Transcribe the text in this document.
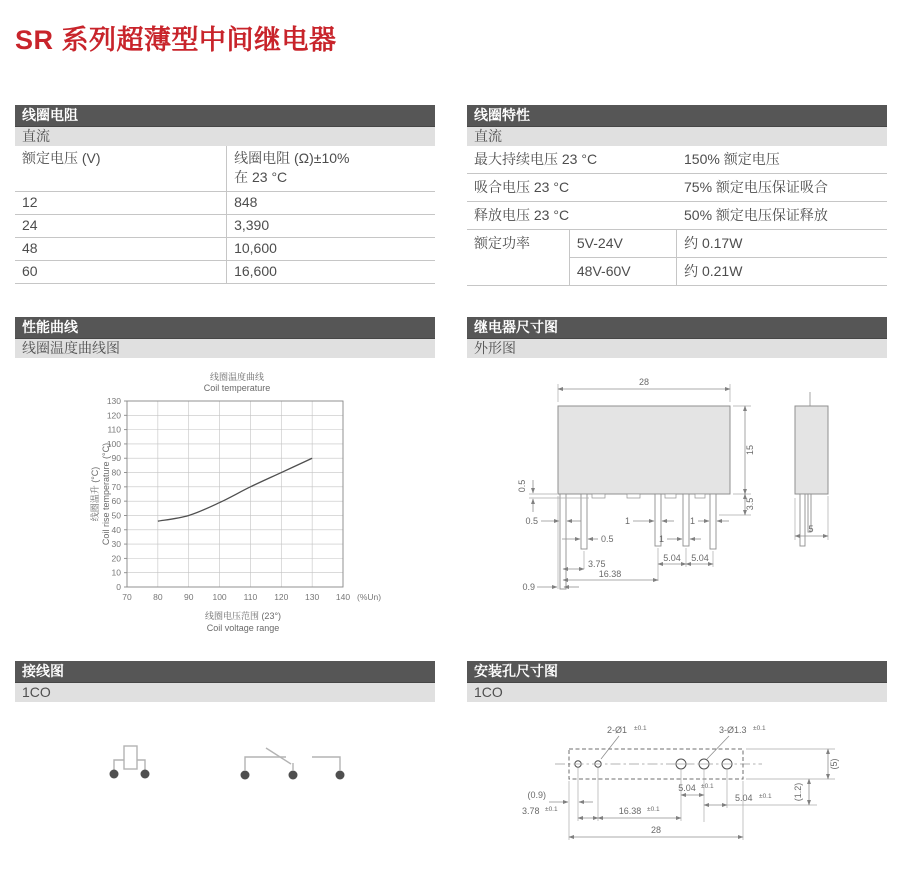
SR 系列超薄型中间继电器
线圈电阻
直流
额定电压 (V)	线圈电阻 (Ω)±10%
在 23 °C
12	848
24	3,390
48	10,600
60	16,600
线圈特性
直流
最大持续电压 23 °C	150% 额定电压
吸合电压 23 °C	75% 额定电压保证吸合
释放电压 23 °C	50% 额定电压保证释放
额定功率	5V-24V	约 0.17W
48V-60V	约 0.21W
性能曲线
线圈温度曲线图
线圈温度曲线
Coil temperature
线圈温升 (°C) Coil rise temperature (°C)
线圈电压范围 (23°)
Coil voltage range
70	80	90 100 110 120 130 140 (%Un)
0
10
20
30
40
50
60
70
80
90
100
110
120
130
继电器尺寸图
外形图
28
15
3.5
0.5
0.5
0.5
1
1
1
5.04 5.04
3.75
16.38
0.9
5
接线图
1CO
安装孔尺寸图
1CO
2-Ø1 ±0.1	3-Ø1.3 ±0.1
(0.9)
5.04 ±0.1
5.04 ±0.1
3.78 ±0.1	16.38 ±0.1
28
(5)
(1.2)
